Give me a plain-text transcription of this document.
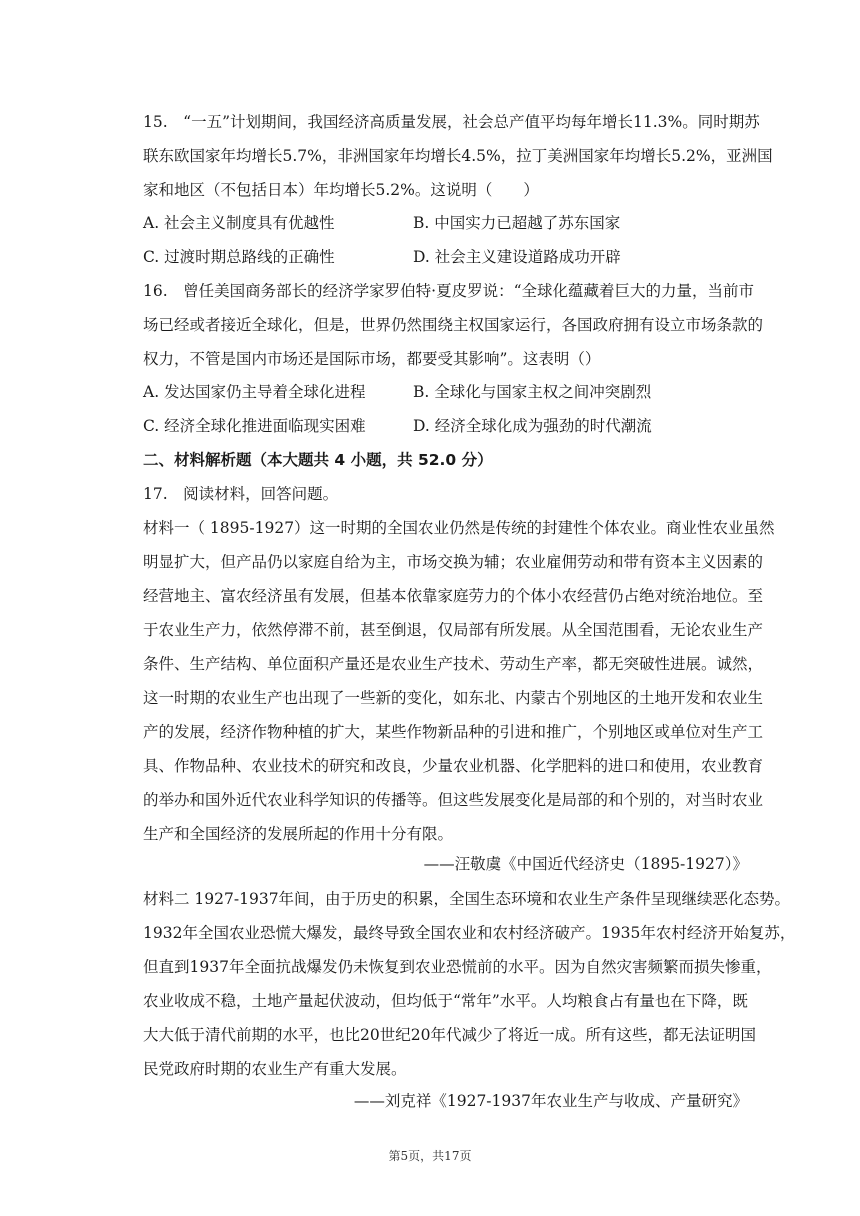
15.　“一五”计划期间，我国经济高质量发展，社会总产值平均每年增长11.3%。同时期苏
联东欧国家年均增长5.7%，非洲国家年均增长4.5%，拉丁美洲国家年均增长5.2%，亚洲国
家和地区（不包括日本）年均增长5.2%。这说明（　　）
A. 社会主义制度具有优越性	B. 中国实力已超越了苏东国家
C. 过渡时期总路线的正确性	D. 社会主义建设道路成功开辟
16.　曾任美国商务部长的经济学家罗伯特·夏皮罗说：“全球化蕴藏着巨大的力量，当前市
场已经或者接近全球化，但是，世界仍然围绕主权国家运行，各国政府拥有设立市场条款的
权力，不管是国内市场还是国际市场，都要受其影响”。这表明（）
A. 发达国家仍主导着全球化进程	B. 全球化与国家主权之间冲突剧烈
C. 经济全球化推进面临现实困难	D. 经济全球化成为强劲的时代潮流
二、材料解析题（本大题共 4 小题，共 52.0 分）
17.　阅读材料，回答问题。
材料一（ 1895-1927）这一时期的全国农业仍然是传统的封建性个体农业。商业性农业虽然
明显扩大，但产品仍以家庭自给为主，市场交换为辅；农业雇佣劳动和带有资本主义因素的
经营地主、富农经济虽有发展，但基本依靠家庭劳力的个体小农经营仍占绝对统治地位。至
于农业生产力，依然停滞不前，甚至倒退，仅局部有所发展。从全国范围看，无论农业生产
条件、生产结构、单位面积产量还是农业生产技术、劳动生产率，都无突破性进展。诚然，
这一时期的农业生产也出现了一些新的变化，如东北、内蒙古个别地区的土地开发和农业生
产的发展，经济作物种植的扩大，某些作物新品种的引进和推广，个别地区或单位对生产工
具、作物品种、农业技术的研究和改良，少量农业机器、化学肥料的进口和使用，农业教育
的举办和国外近代农业科学知识的传播等。但这些发展变化是局部的和个别的，对当时农业
生产和全国经济的发展所起的作用十分有限。
——汪敬虞《中国近代经济史（1895-1927）》
材料二 1927-1937年间，由于历史的积累，全国生态环境和农业生产条件呈现继续恶化态势。
1932年全国农业恐慌大爆发，最终导致全国农业和农村经济破产。1935年农村经济开始复苏，
但直到1937年全面抗战爆发仍未恢复到农业恐慌前的水平。因为自然灾害频繁而损失惨重，
农业收成不稳，土地产量起伏波动，但均低于“常年”水平。人均粮食占有量也在下降，既
大大低于清代前期的水平，也比20世纪20年代减少了将近一成。所有这些，都无法证明国
民党政府时期的农业生产有重大发展。
——刘克祥《1927-1937年农业生产与收成、产量研究》
第5页，共17页
